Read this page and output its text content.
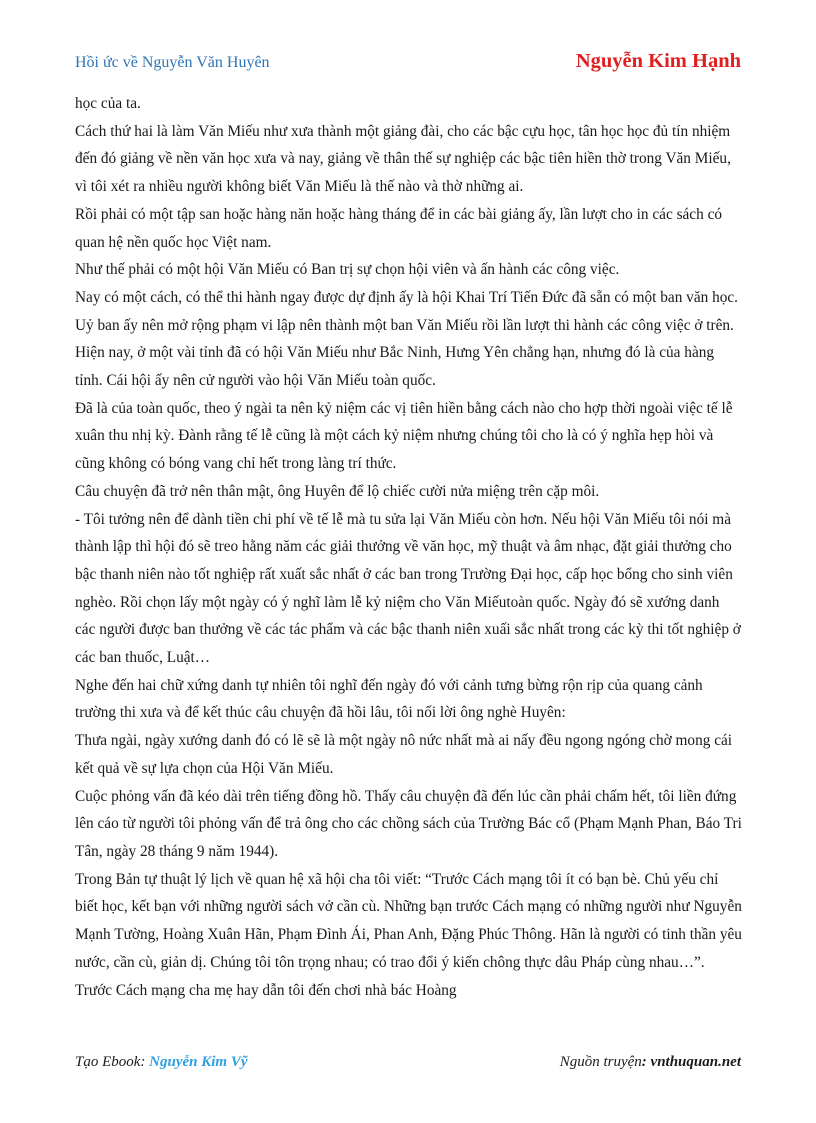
Hồi ức về Nguyễn Văn Huyên	Nguyễn Kim Hạnh

học của ta.

Cách thứ hai là làm Văn Miếu như xưa thành một giảng đài, cho các bậc cựu học, tân học học đủ tín nhiệm đến đó giảng về nền văn học xưa và nay, giảng về thân thế sự nghiệp các bậc tiên hiền thờ trong Văn Miếu, vì tôi xét ra nhiều người không biết Văn Miếu là thế nào và thờ những ai.

Rồi phải có một tập san hoặc hàng năn hoặc hàng tháng để in các bài giảng ấy, lần lượt cho in các sách có quan hệ nền quốc học Việt nam.

Như thế phải có một hội Văn Miếu có Ban trị sự chọn hội viên và ấn hành các công việc.

Nay có một cách, có thể thi hành ngay được dự định ấy là hội Khai Trí Tiến Đức đã sẵn có một ban văn học. Uỷ ban ấy nên mở rộng phạm vi lập nên thành một ban Văn Miếu rồi lần lượt thi hành các công việc ở trên.

Hiện nay, ở một vài tỉnh đã có hội Văn Miếu như Bắc Ninh, Hưng Yên chẳng hạn, nhưng đó là của hàng tỉnh. Cái hội ấy nên cử người vào hội Văn Miếu toàn quốc.

Đã là của toàn quốc, theo ý ngài ta nên kỷ niệm các vị tiên hiền bằng cách nào cho hợp thời ngoài việc tế lễ xuân thu nhị kỳ. Đành rằng tế lễ cũng là một cách kỷ niệm nhưng chúng tôi cho là có ý nghĩa hẹp hòi và cũng không có bóng vang chỉ hết trong làng trí thức.

Câu chuyện đã trở nên thân mật, ông Huyên để lộ chiếc cười nửa miệng trên cặp môi.

- Tôi tưởng nên để dành tiền chi phí về tế lễ mà tu sửa lại Văn Miếu còn hơn. Nếu hội Văn Miếu tôi nói mà thành lập thì hội đó sẽ treo hằng năm các giải thưởng về văn học, mỹ thuật và âm nhạc, đặt giải thưởng cho bậc thanh niên nào tốt nghiệp rất xuất sắc nhất ở các ban trong Trường Đại học, cấp học bổng cho sinh viên nghèo. Rồi chọn lấy một ngày có ý nghĩ làm lễ kỷ niệm cho Văn Miếutoàn quốc. Ngày đó sẽ xướng danh các người được ban thưởng về các tác phẩm và các bậc thanh niên xuấi sắc nhất trong các kỳ thi tốt nghiệp ở các ban thuốc, Luật…

Nghe đến hai chữ xứng danh tự nhiên tôi nghĩ đến ngày đó với cảnh tưng bừng rộn rịp của quang cảnh trường thi xưa và để kết thúc câu chuyện đã hồi lâu, tôi nối lời ông nghè Huyên:

Thưa ngài, ngày xướng danh đó có lẽ sẽ là một ngày nô nức nhất mà ai nấy đều ngong ngóng chờ mong cái kết quả về sự lựa chọn của Hội Văn Miếu.

Cuộc phỏng vấn đã kéo dài trên tiếng đồng hồ. Thấy câu chuyện đã đến lúc cần phải chấm hết, tôi liền đứng lên cáo từ người tôi phỏng vấn để trả ông cho các chồng sách của Trường Bác cổ (Phạm Mạnh Phan, Báo Tri Tân, ngày 28 tháng 9 năm 1944).

Trong Bản tự thuật lý lịch về quan hệ xã hội cha tôi viết: “Trước Cách mạng tôi ít có bạn bè. Chủ yếu chỉ biết học, kết bạn với những người sách vở cần cù. Những bạn trước Cách mạng có những người như Nguyễn Mạnh Tường, Hoàng Xuân Hãn, Phạm Đình Ái, Phan Anh, Đặng Phúc Thông. Hãn là người có tinh thần yêu nước, cần cù, giản dị. Chúng tôi tôn trọng nhau; có trao đổi ý kiến chông thực dâu Pháp cùng nhau…”. Trước Cách mạng cha mẹ hay dẫn tôi đến chơi nhà bác Hoàng

Tạo Ebook: Nguyễn Kim Vỹ	Nguồn truyện: vnthuquan.net
